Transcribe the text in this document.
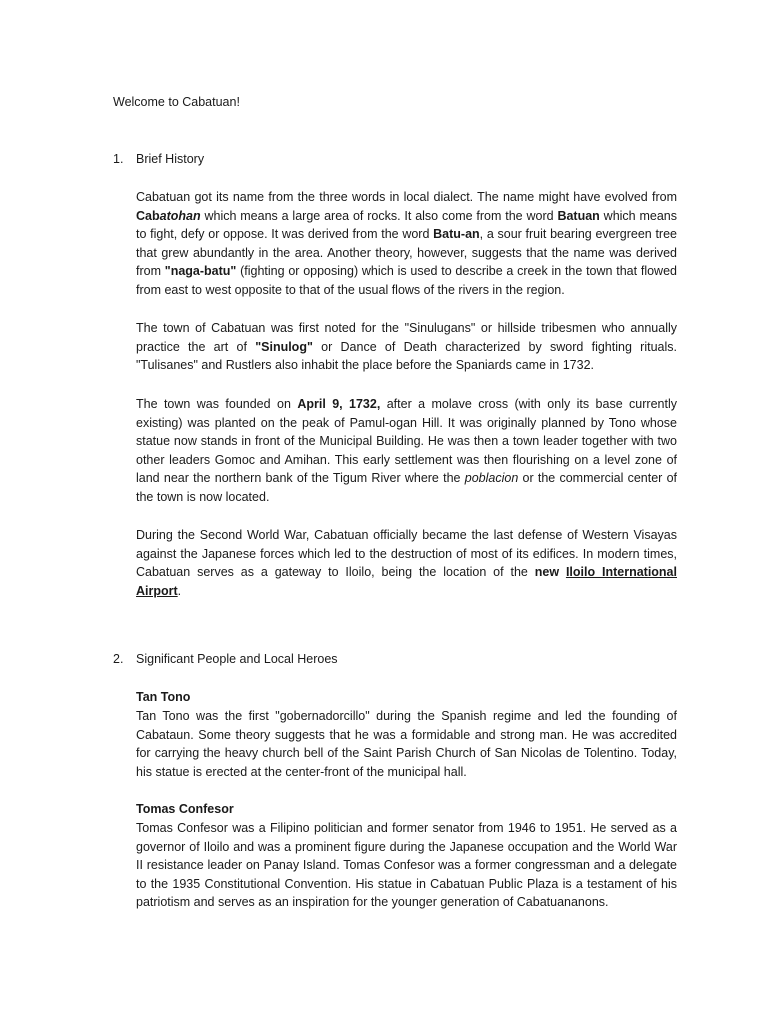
Welcome to Cabatuan!

1. Brief History

Cabatuan got its name from the three words in local dialect. The name might have evolved from Cabatohan which means a large area of rocks. It also come from the word Batuan which means to fight, defy or oppose. It was derived from the word Batu-an, a sour fruit bearing evergreen tree that grew abundantly in the area. Another theory, however, suggests that the name was derived from "naga-batu" (fighting or opposing) which is used to describe a creek in the town that flowed from east to west opposite to that of the usual flows of the rivers in the region.

The town of Cabatuan was first noted for the "Sinulugans" or hillside tribesmen who annually practice the art of "Sinulog" or Dance of Death characterized by sword fighting rituals. "Tulisanes" and Rustlers also inhabit the place before the Spaniards came in 1732.

The town was founded on April 9, 1732, after a molave cross (with only its base currently existing) was planted on the peak of Pamul-ogan Hill. It was originally planned by Tono whose statue now stands in front of the Municipal Building. He was then a town leader together with two other leaders Gomoc and Amihan. This early settlement was then flourishing on a level zone of land near the northern bank of the Tigum River where the poblacion or the commercial center of the town is now located.

During the Second World War, Cabatuan officially became the last defense of Western Visayas against the Japanese forces which led to the destruction of most of its edifices. In modern times, Cabatuan serves as a gateway to Iloilo, being the location of the new Iloilo International Airport.

2. Significant People and Local Heroes

Tan Tono

Tan Tono was the first "gobernadorcillo" during the Spanish regime and led the founding of Cabataun. Some theory suggests that he was a formidable and strong man. He was accredited for carrying the heavy church bell of the Saint Parish Church of San Nicolas de Tolentino. Today, his statue is erected at the center-front of the municipal hall.

Tomas Confesor

Tomas Confesor was a Filipino politician and former senator from 1946 to 1951. He served as a governor of Iloilo and was a prominent figure during the Japanese occupation and the World War II resistance leader on Panay Island. Tomas Confesor was a former congressman and a delegate to the 1935 Constitutional Convention. His statue in Cabatuan Public Plaza is a testament of his patriotism and serves as an inspiration for the younger generation of Cabatuananons.
